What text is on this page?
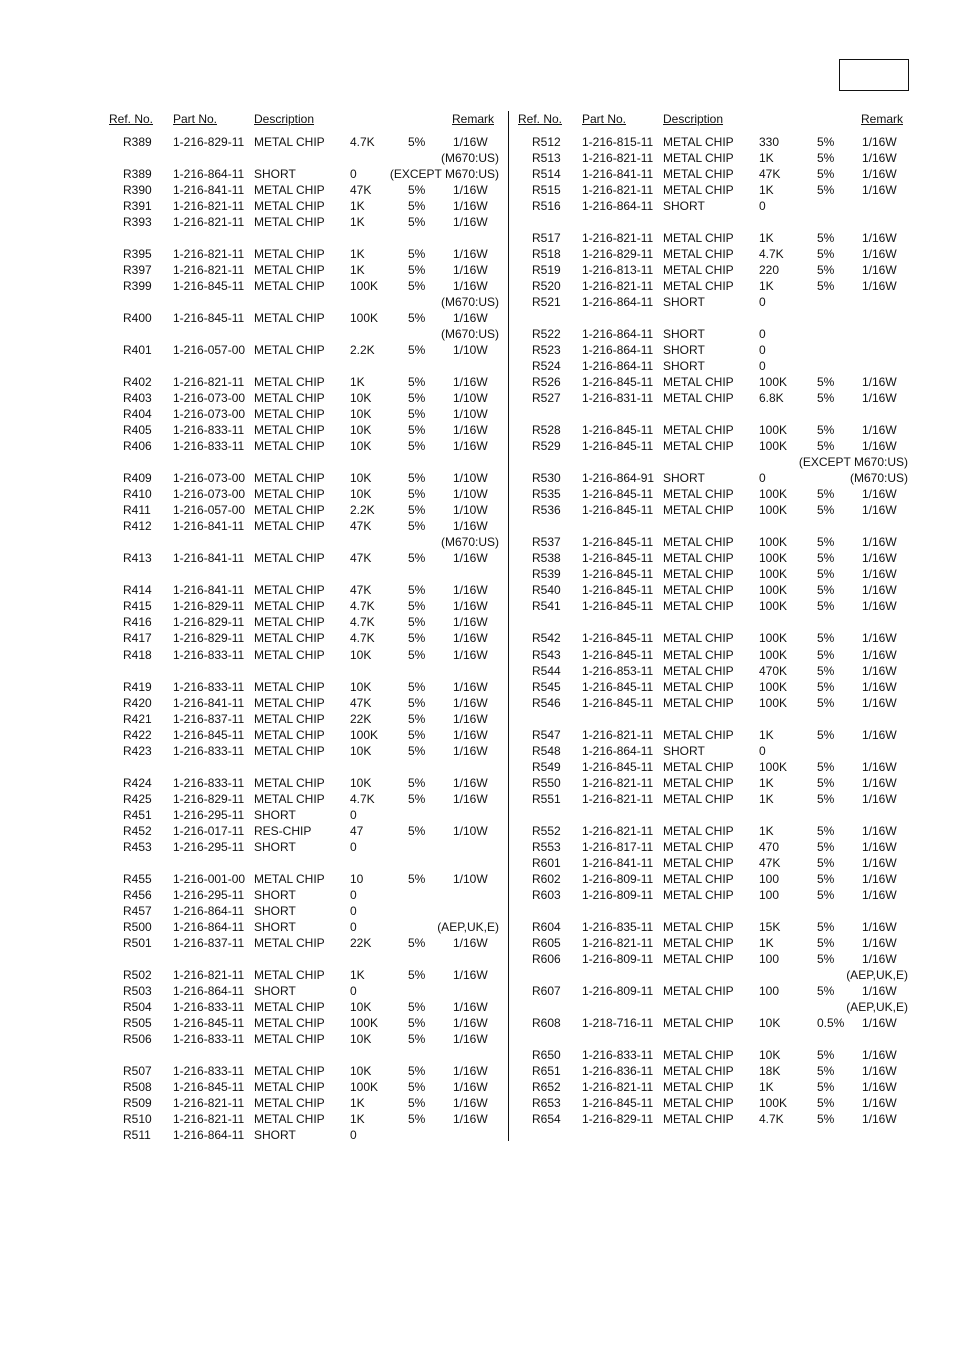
Ref. No. Part No.	Description	Remark
R389 1-216-829-11 METAL CHIP 4.7K	5% 1/16W
(M670:US)
R389 1-216-864-11 SHORT	0	(EXCEPT M670:US)
R390 1-216-841-11 METAL CHIP 47K	5% 1/16W
R391 1-216-821-11 METAL CHIP 1K	5% 1/16W
R393 1-216-821-11 METAL CHIP 1K	5% 1/16W
R395 1-216-821-11 METAL CHIP 1K	5% 1/16W
R397 1-216-821-11 METAL CHIP 1K	5% 1/16W
R399 1-216-845-11 METAL CHIP 100K 5% 1/16W
(M670:US)
R400 1-216-845-11 METAL CHIP 100K 5% 1/16W
(M670:US)
R401 1-216-057-00 METAL CHIP 2.2K	5% 1/10W
R402 1-216-821-11 METAL CHIP 1K	5% 1/16W
R403 1-216-073-00 METAL CHIP 10K	5% 1/10W
R404 1-216-073-00 METAL CHIP 10K	5% 1/10W
R405 1-216-833-11 METAL CHIP 10K	5% 1/16W
R406 1-216-833-11 METAL CHIP 10K	5% 1/16W
R409 1-216-073-00 METAL CHIP 10K	5% 1/10W
R410 1-216-073-00 METAL CHIP 10K	5% 1/10W
R411 1-216-057-00 METAL CHIP 2.2K	5% 1/10W
R412 1-216-841-11 METAL CHIP 47K	5% 1/16W
(M670:US)
R413 1-216-841-11 METAL CHIP 47K	5% 1/16W
R414 1-216-841-11 METAL CHIP 47K	5% 1/16W
R415 1-216-829-11 METAL CHIP 4.7K	5% 1/16W
R416 1-216-829-11 METAL CHIP 4.7K	5% 1/16W
R417 1-216-829-11 METAL CHIP 4.7K	5% 1/16W
R418 1-216-833-11 METAL CHIP 10K	5% 1/16W
R419 1-216-833-11 METAL CHIP 10K	5% 1/16W
R420 1-216-841-11 METAL CHIP 47K	5% 1/16W
R421 1-216-837-11 METAL CHIP 22K	5% 1/16W
R422 1-216-845-11 METAL CHIP 100K 5% 1/16W
R423 1-216-833-11 METAL CHIP 10K	5% 1/16W
R424 1-216-833-11 METAL CHIP 10K	5% 1/16W
R425 1-216-829-11 METAL CHIP 4.7K	5% 1/16W
R451 1-216-295-11 SHORT	0
R452 1-216-017-11 RES-CHIP	47	5% 1/10W
R453 1-216-295-11 SHORT	0
R455 1-216-001-00 METAL CHIP 10	5% 1/10W
R456 1-216-295-11 SHORT	0
R457 1-216-864-11 SHORT	0
R500 1-216-864-11 SHORT	0	(AEP,UK,E)
R501 1-216-837-11 METAL CHIP 22K	5% 1/16W
R502 1-216-821-11 METAL CHIP 1K	5% 1/16W
R503 1-216-864-11 SHORT	0
R504 1-216-833-11 METAL CHIP 10K	5% 1/16W
R505 1-216-845-11 METAL CHIP 100K 5% 1/16W
R506 1-216-833-11 METAL CHIP 10K	5% 1/16W
R507 1-216-833-11 METAL CHIP 10K	5% 1/16W
R508 1-216-845-11 METAL CHIP 100K 5% 1/16W
R509 1-216-821-11 METAL CHIP 1K	5% 1/16W
R510 1-216-821-11 METAL CHIP 1K	5% 1/16W
R511 1-216-864-11 SHORT	0
Ref. No. Part No.	Description	Remark
R512 1-216-815-11 METAL CHIP 330	5% 1/16W
R513 1-216-821-11 METAL CHIP 1K	5% 1/16W
R514 1-216-841-11 METAL CHIP 47K	5% 1/16W
R515 1-216-821-11 METAL CHIP 1K	5% 1/16W
R516 1-216-864-11 SHORT	0
R517 1-216-821-11 METAL CHIP 1K	5% 1/16W
R518 1-216-829-11 METAL CHIP 4.7K	5% 1/16W
R519 1-216-813-11 METAL CHIP 220	5% 1/16W
R520 1-216-821-11 METAL CHIP 1K	5% 1/16W
R521 1-216-864-11 SHORT	0
R522 1-216-864-11 SHORT	0
R523 1-216-864-11 SHORT	0
R524 1-216-864-11 SHORT	0
R526 1-216-845-11 METAL CHIP 100K 5% 1/16W
R527 1-216-831-11 METAL CHIP 6.8K	5% 1/16W
R528 1-216-845-11 METAL CHIP 100K 5% 1/16W
R529 1-216-845-11 METAL CHIP 100K 5% 1/16W
(EXCEPT M670:US)
R530 1-216-864-91 SHORT	0	(M670:US)
R535 1-216-845-11 METAL CHIP 100K 5% 1/16W
R536 1-216-845-11 METAL CHIP 100K 5% 1/16W
R537 1-216-845-11 METAL CHIP 100K 5% 1/16W
R538 1-216-845-11 METAL CHIP 100K 5% 1/16W
R539 1-216-845-11 METAL CHIP 100K 5% 1/16W
R540 1-216-845-11 METAL CHIP 100K 5% 1/16W
R541 1-216-845-11 METAL CHIP 100K 5% 1/16W
R542 1-216-845-11 METAL CHIP 100K 5% 1/16W
R543 1-216-845-11 METAL CHIP 100K 5% 1/16W
R544 1-216-853-11 METAL CHIP 470K 5% 1/16W
R545 1-216-845-11 METAL CHIP 100K 5% 1/16W
R546 1-216-845-11 METAL CHIP 100K 5% 1/16W
R547 1-216-821-11 METAL CHIP 1K	5% 1/16W
R548 1-216-864-11 SHORT	0
R549 1-216-845-11 METAL CHIP 100K 5% 1/16W
R550 1-216-821-11 METAL CHIP 1K	5% 1/16W
R551 1-216-821-11 METAL CHIP 1K	5% 1/16W
R552 1-216-821-11 METAL CHIP 1K	5% 1/16W
R553 1-216-817-11 METAL CHIP 470	5% 1/16W
R601 1-216-841-11 METAL CHIP 47K	5% 1/16W
R602 1-216-809-11 METAL CHIP 100	5% 1/16W
R603 1-216-809-11 METAL CHIP 100	5% 1/16W
R604 1-216-835-11 METAL CHIP 15K	5% 1/16W
R605 1-216-821-11 METAL CHIP 1K	5% 1/16W
R606 1-216-809-11 METAL CHIP 100	5% 1/16W
(AEP,UK,E)
R607 1-216-809-11 METAL CHIP 100	5% 1/16W
(AEP,UK,E)
R608 1-218-716-11 METAL CHIP 10K	0.5% 1/16W
R650 1-216-833-11 METAL CHIP 10K	5% 1/16W
R651 1-216-836-11 METAL CHIP 18K	5% 1/16W
R652 1-216-821-11 METAL CHIP 1K	5% 1/16W
R653 1-216-845-11 METAL CHIP 100K 5% 1/16W
R654 1-216-829-11 METAL CHIP 4.7K	5% 1/16W
